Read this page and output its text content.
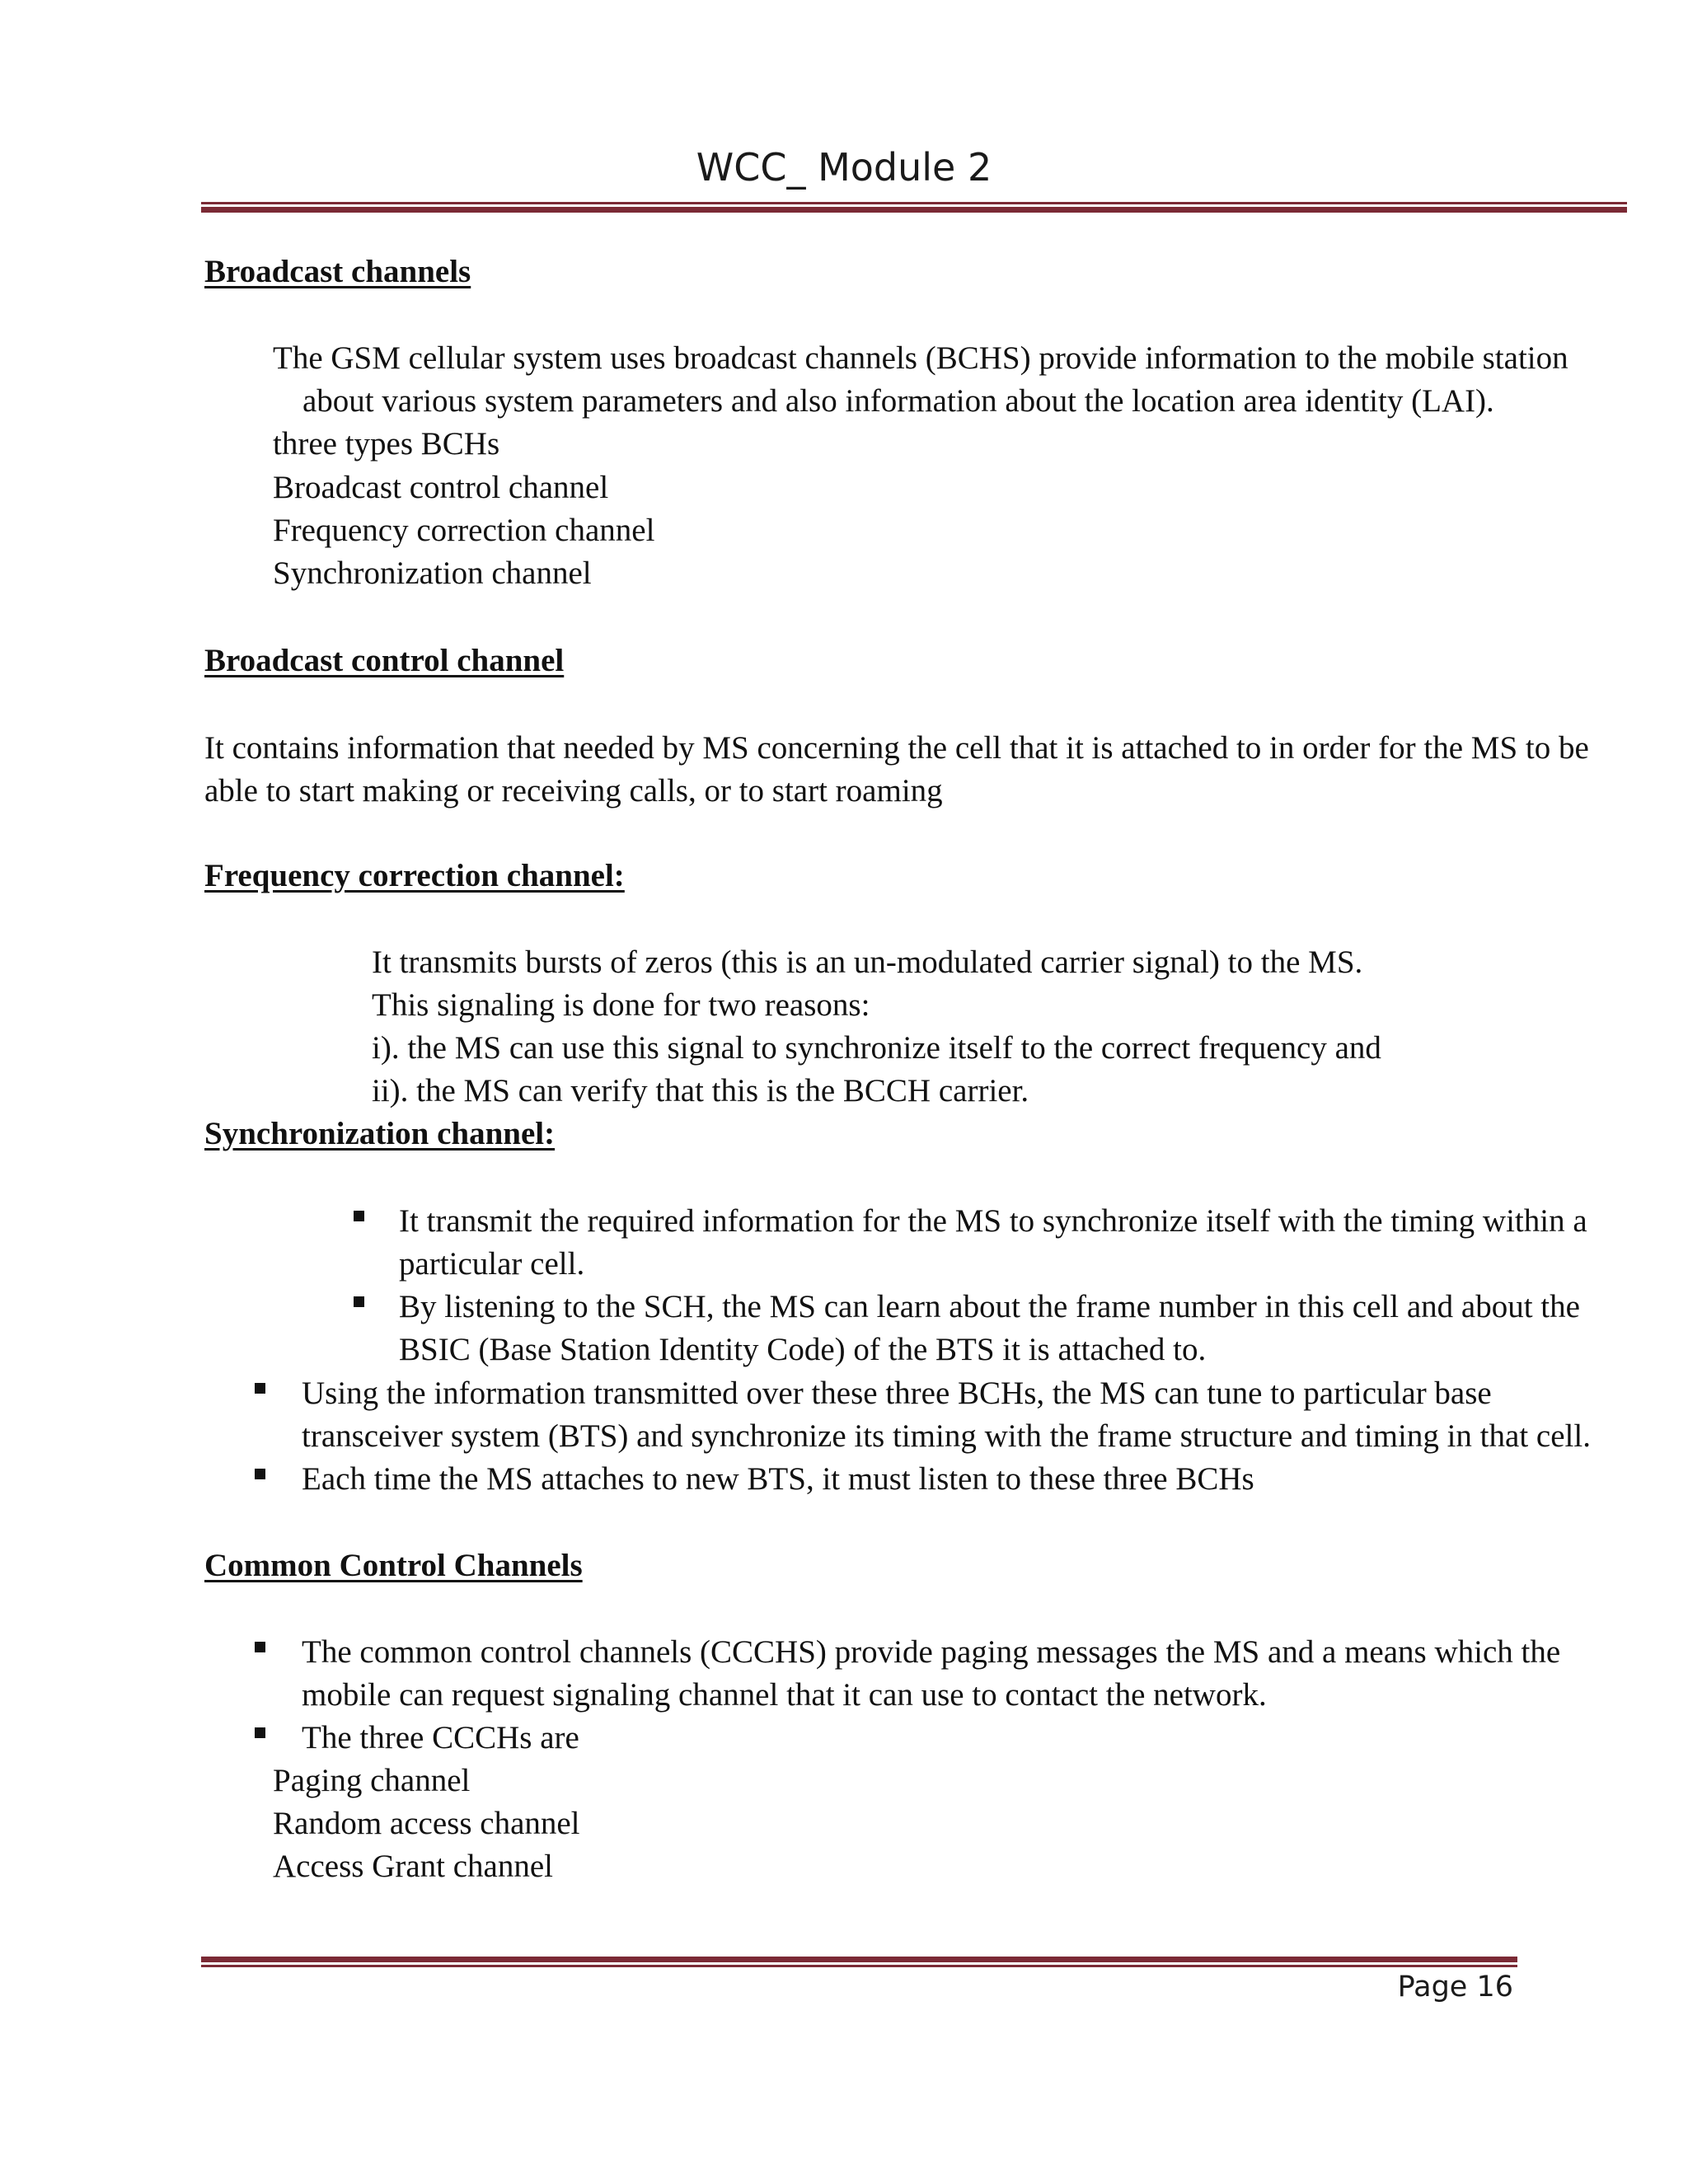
WCC_ Module 2
Broadcast channels
The GSM cellular system uses broadcast channels (BCHS) provide information to the mobile station
about various system parameters and also information about the location area identity (LAI).
three types BCHs
Broadcast control channel
Frequency correction channel
Synchronization channel
Broadcast control channel
It contains information that needed by MS concerning the cell that it is attached to in order for the MS to be
able to start making or receiving calls, or to start roaming
Frequency correction channel:
It transmits bursts of zeros (this is an un-modulated carrier signal) to the MS.
This signaling is done for two reasons:
i). the MS can use this signal to synchronize itself to the correct frequency and
ii). the MS can verify that this is the BCCH carrier.
Synchronization channel:
It transmit the required information for the MS to synchronize itself with the timing within a
particular cell.
By listening to the SCH, the MS can learn about the frame number in this cell and about the
BSIC (Base Station Identity Code) of the BTS it is attached to.
Using the information transmitted over these three BCHs, the MS can tune to particular base
transceiver system (BTS) and synchronize its timing with the frame structure and timing in that cell.
Each time the MS attaches to new BTS, it must listen to these three BCHs
Common Control Channels
The common control channels (CCCHS) provide paging messages the MS and a means which the
mobile can request signaling channel that it can use to contact the network.
The three CCCHs are
Paging channel
Random access channel
Access Grant channel
Page 16
